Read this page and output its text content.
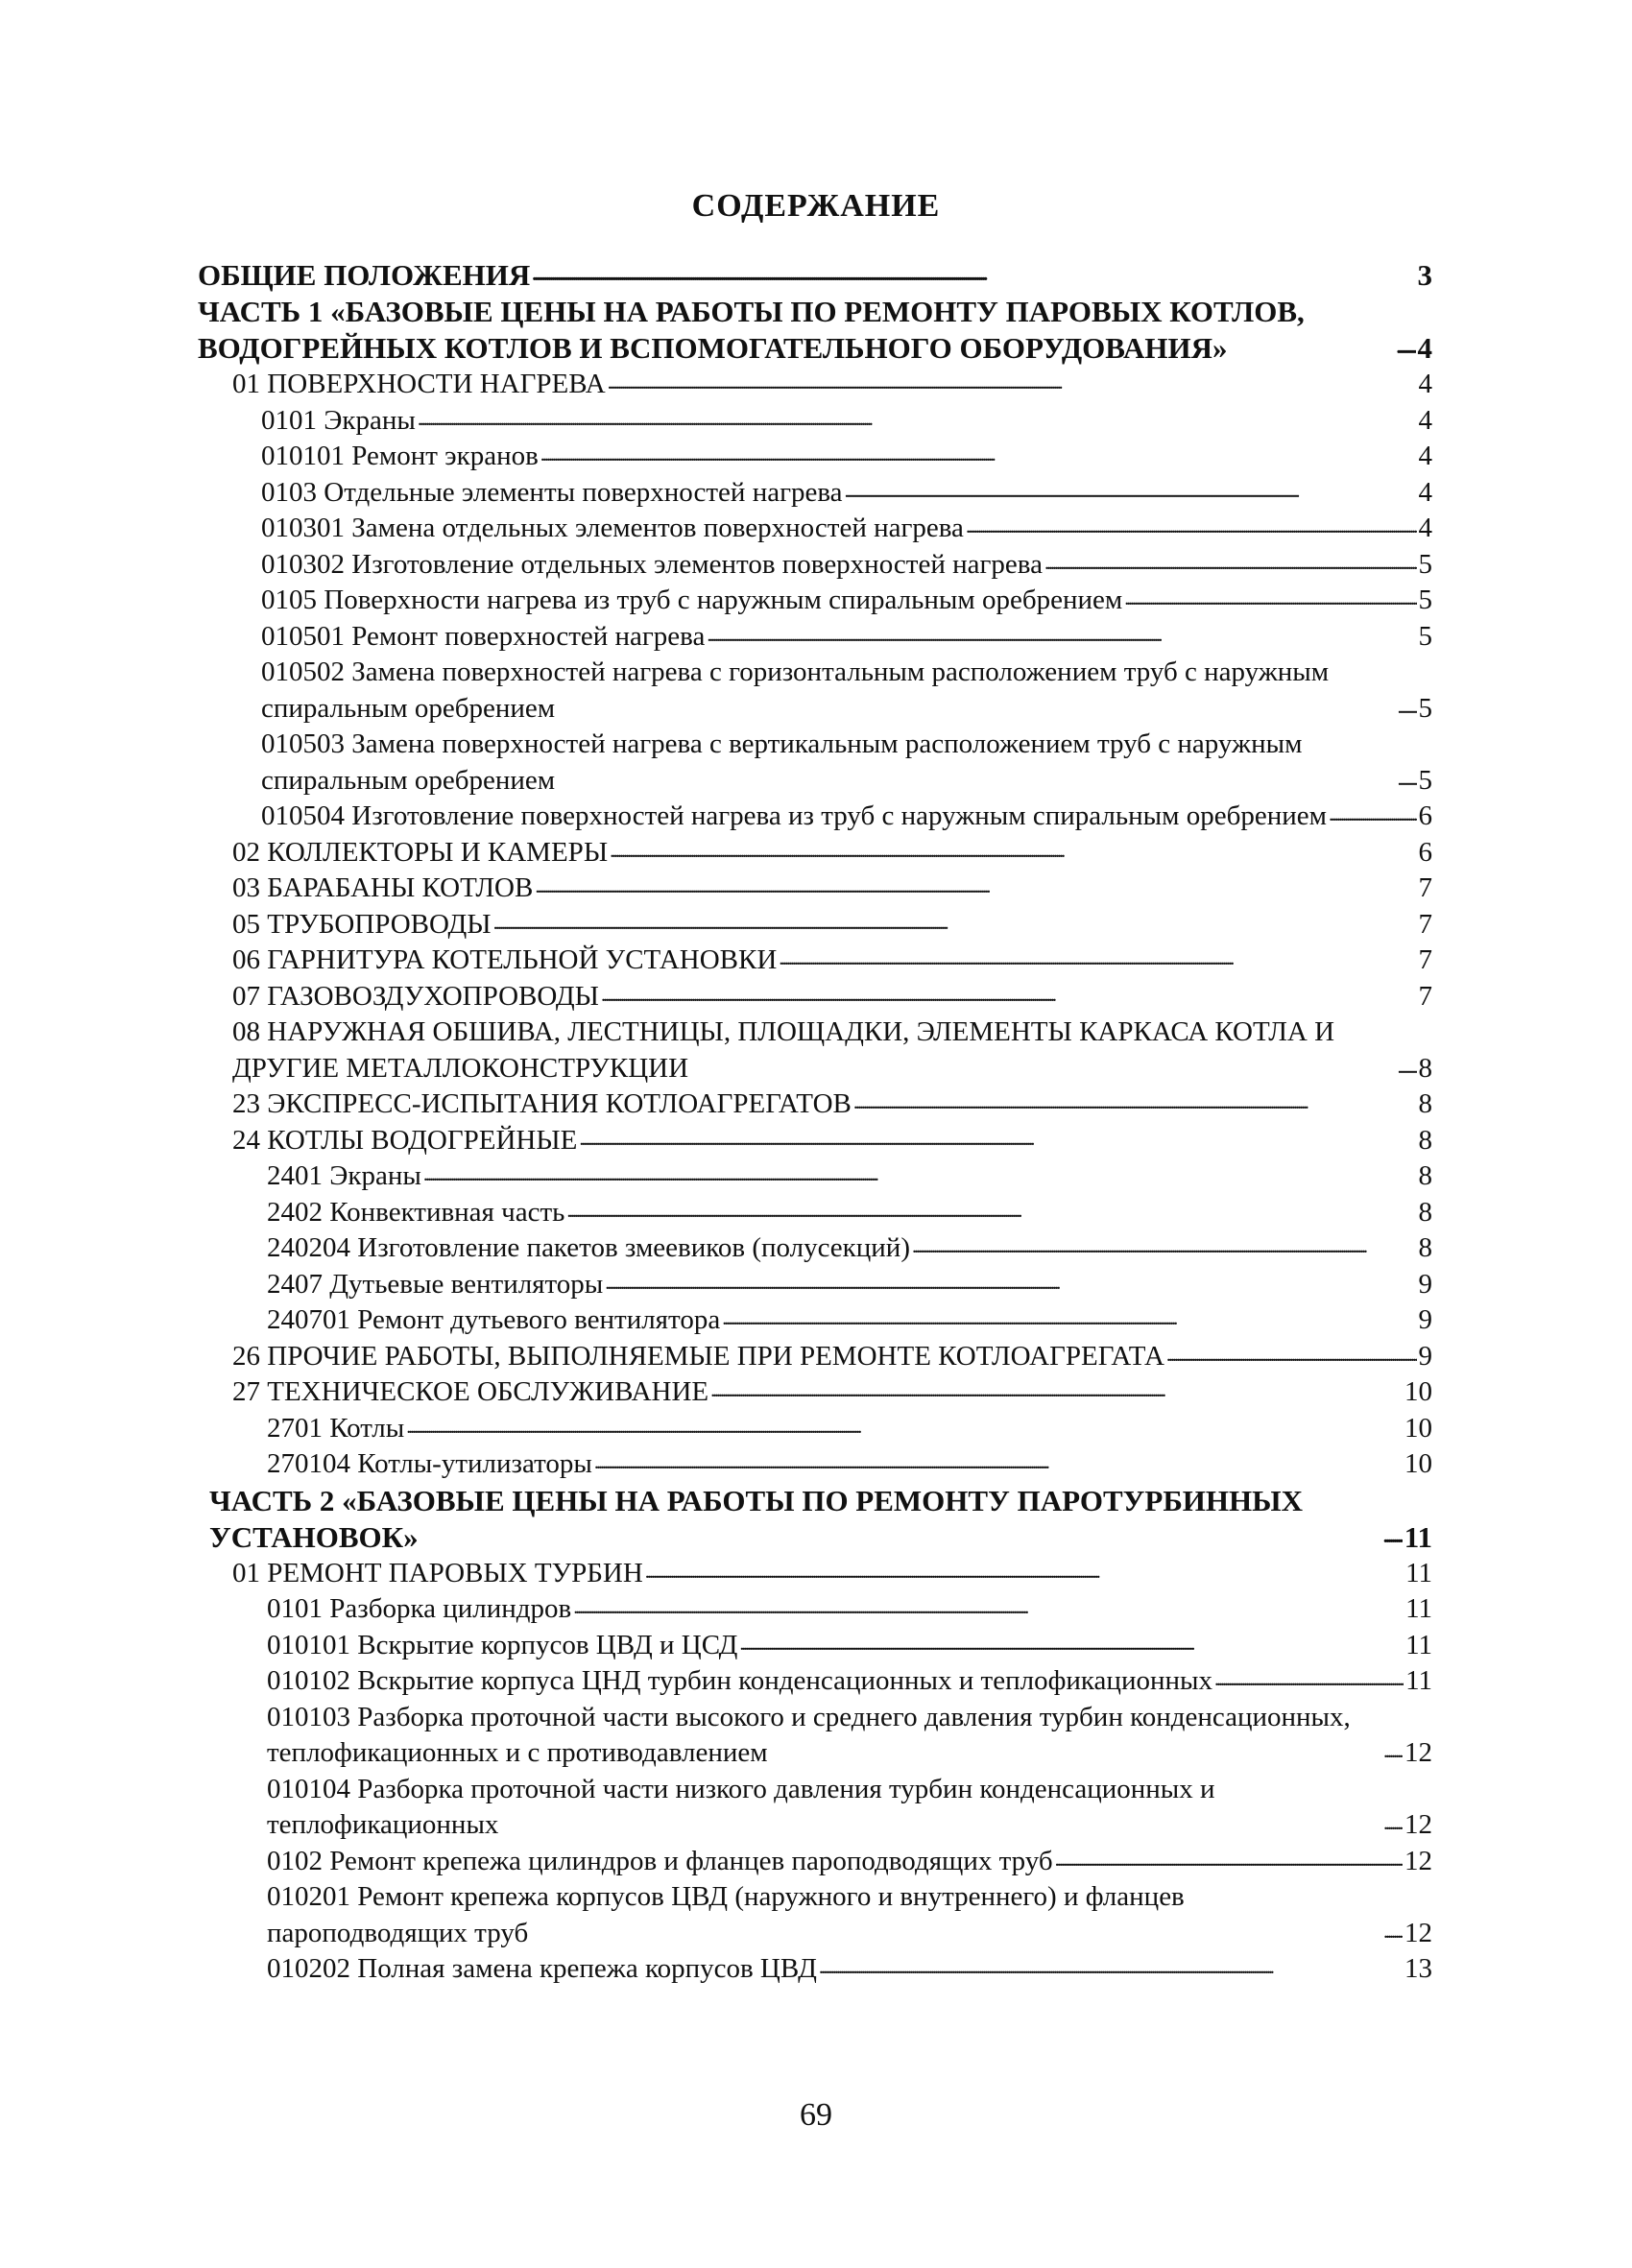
СОДЕРЖАНИЕ
ОБЩИЕ ПОЛОЖЕНИЯ . . .	3
ЧАСТЬ 1 «БАЗОВЫЕ ЦЕНЫ НА РАБОТЫ ПО РЕМОНТУ ПАРОВЫХ КОТЛОВ, ВОДОГРЕЙНЫХ КОТЛОВ И ВСПОМОГАТЕЛЬНОГО ОБОРУДОВАНИЯ» . . .	4
01 ПОВЕРХНОСТИ НАГРЕВА . . .	4
0101 Экраны . . .	4
010101 Ремонт экранов . . .	4
0103 Отдельные элементы поверхностей нагрева . . .	4
010301 Замена отдельных элементов поверхностей нагрева . . .	4
010302 Изготовление отдельных элементов поверхностей нагрева . . .	5
0105 Поверхности нагрева из труб с наружным спиральным оребрением . . .	5
010501 Ремонт поверхностей нагрева . . .	5
010502 Замена поверхностей нагрева с горизонтальным расположением труб с наружным спиральным оребрением . . .	5
010503 Замена поверхностей нагрева с вертикальным расположением труб с наружным спиральным оребрением . . .	5
010504 Изготовление поверхностей нагрева из труб с наружным спиральным оребрением . . .	6
02 КОЛЛЕКТОРЫ И КАМЕРЫ . . .	6
03 БАРАБАНЫ КОТЛОВ . . .	7
05 ТРУБОПРОВОДЫ . . .	7
06 ГАРНИТУРА КОТЕЛЬНОЙ УСТАНОВКИ . . .	7
07 ГАЗОВОЗДУХОПРОВОДЫ . . .	7
08 НАРУЖНАЯ ОБШИВА, ЛЕСТНИЦЫ, ПЛОЩАДКИ, ЭЛЕМЕНТЫ КАРКАСА КОТЛА И ДРУГИЕ МЕТАЛЛОКОНСТРУКЦИИ . . .	8
23 ЭКСПРЕСС-ИСПЫТАНИЯ КОТЛОАГРЕГАТОВ . . .	8
24 КОТЛЫ ВОДОГРЕЙНЫЕ . . .	8
2401 Экраны . . .	8
2402 Конвективная часть . . .	8
240204 Изготовление пакетов змеевиков (полусекций) . . .	8
2407 Дутьевые вентиляторы . . .	9
240701 Ремонт дутьевого вентилятора . . .	9
26 ПРОЧИЕ РАБОТЫ, ВЫПОЛНЯЕМЫЕ ПРИ РЕМОНТЕ КОТЛОАГРЕГАТА . . .	9
27 ТЕХНИЧЕСКОЕ ОБСЛУЖИВАНИЕ . . .	10
2701 Котлы . . .	10
270104 Котлы-утилизаторы . . .	10
ЧАСТЬ 2 «БАЗОВЫЕ ЦЕНЫ НА РАБОТЫ ПО РЕМОНТУ ПАРОТУРБИННЫХ УСТАНОВОК» . . .	11
01 РЕМОНТ ПАРОВЫХ ТУРБИН . . .	11
0101 Разборка цилиндров . . .	11
010101 Вскрытие корпусов ЦВД и ЦСД . . .	11
010102 Вскрытие корпуса ЦНД турбин конденсационных и теплофикационных . . .	11
010103 Разборка проточной части высокого и среднего давления турбин конденсационных, теплофикационных и с противодавлением . . .	12
010104 Разборка проточной части низкого давления турбин конденсационных и теплофикационных . . .	12
0102 Ремонт крепежа цилиндров и фланцев пароподводящих труб . . .	12
010201 Ремонт крепежа корпусов ЦВД (наружного и внутреннего) и фланцев пароподводящих труб . . .	12
010202 Полная замена крепежа корпусов ЦВД . . .	13
69
